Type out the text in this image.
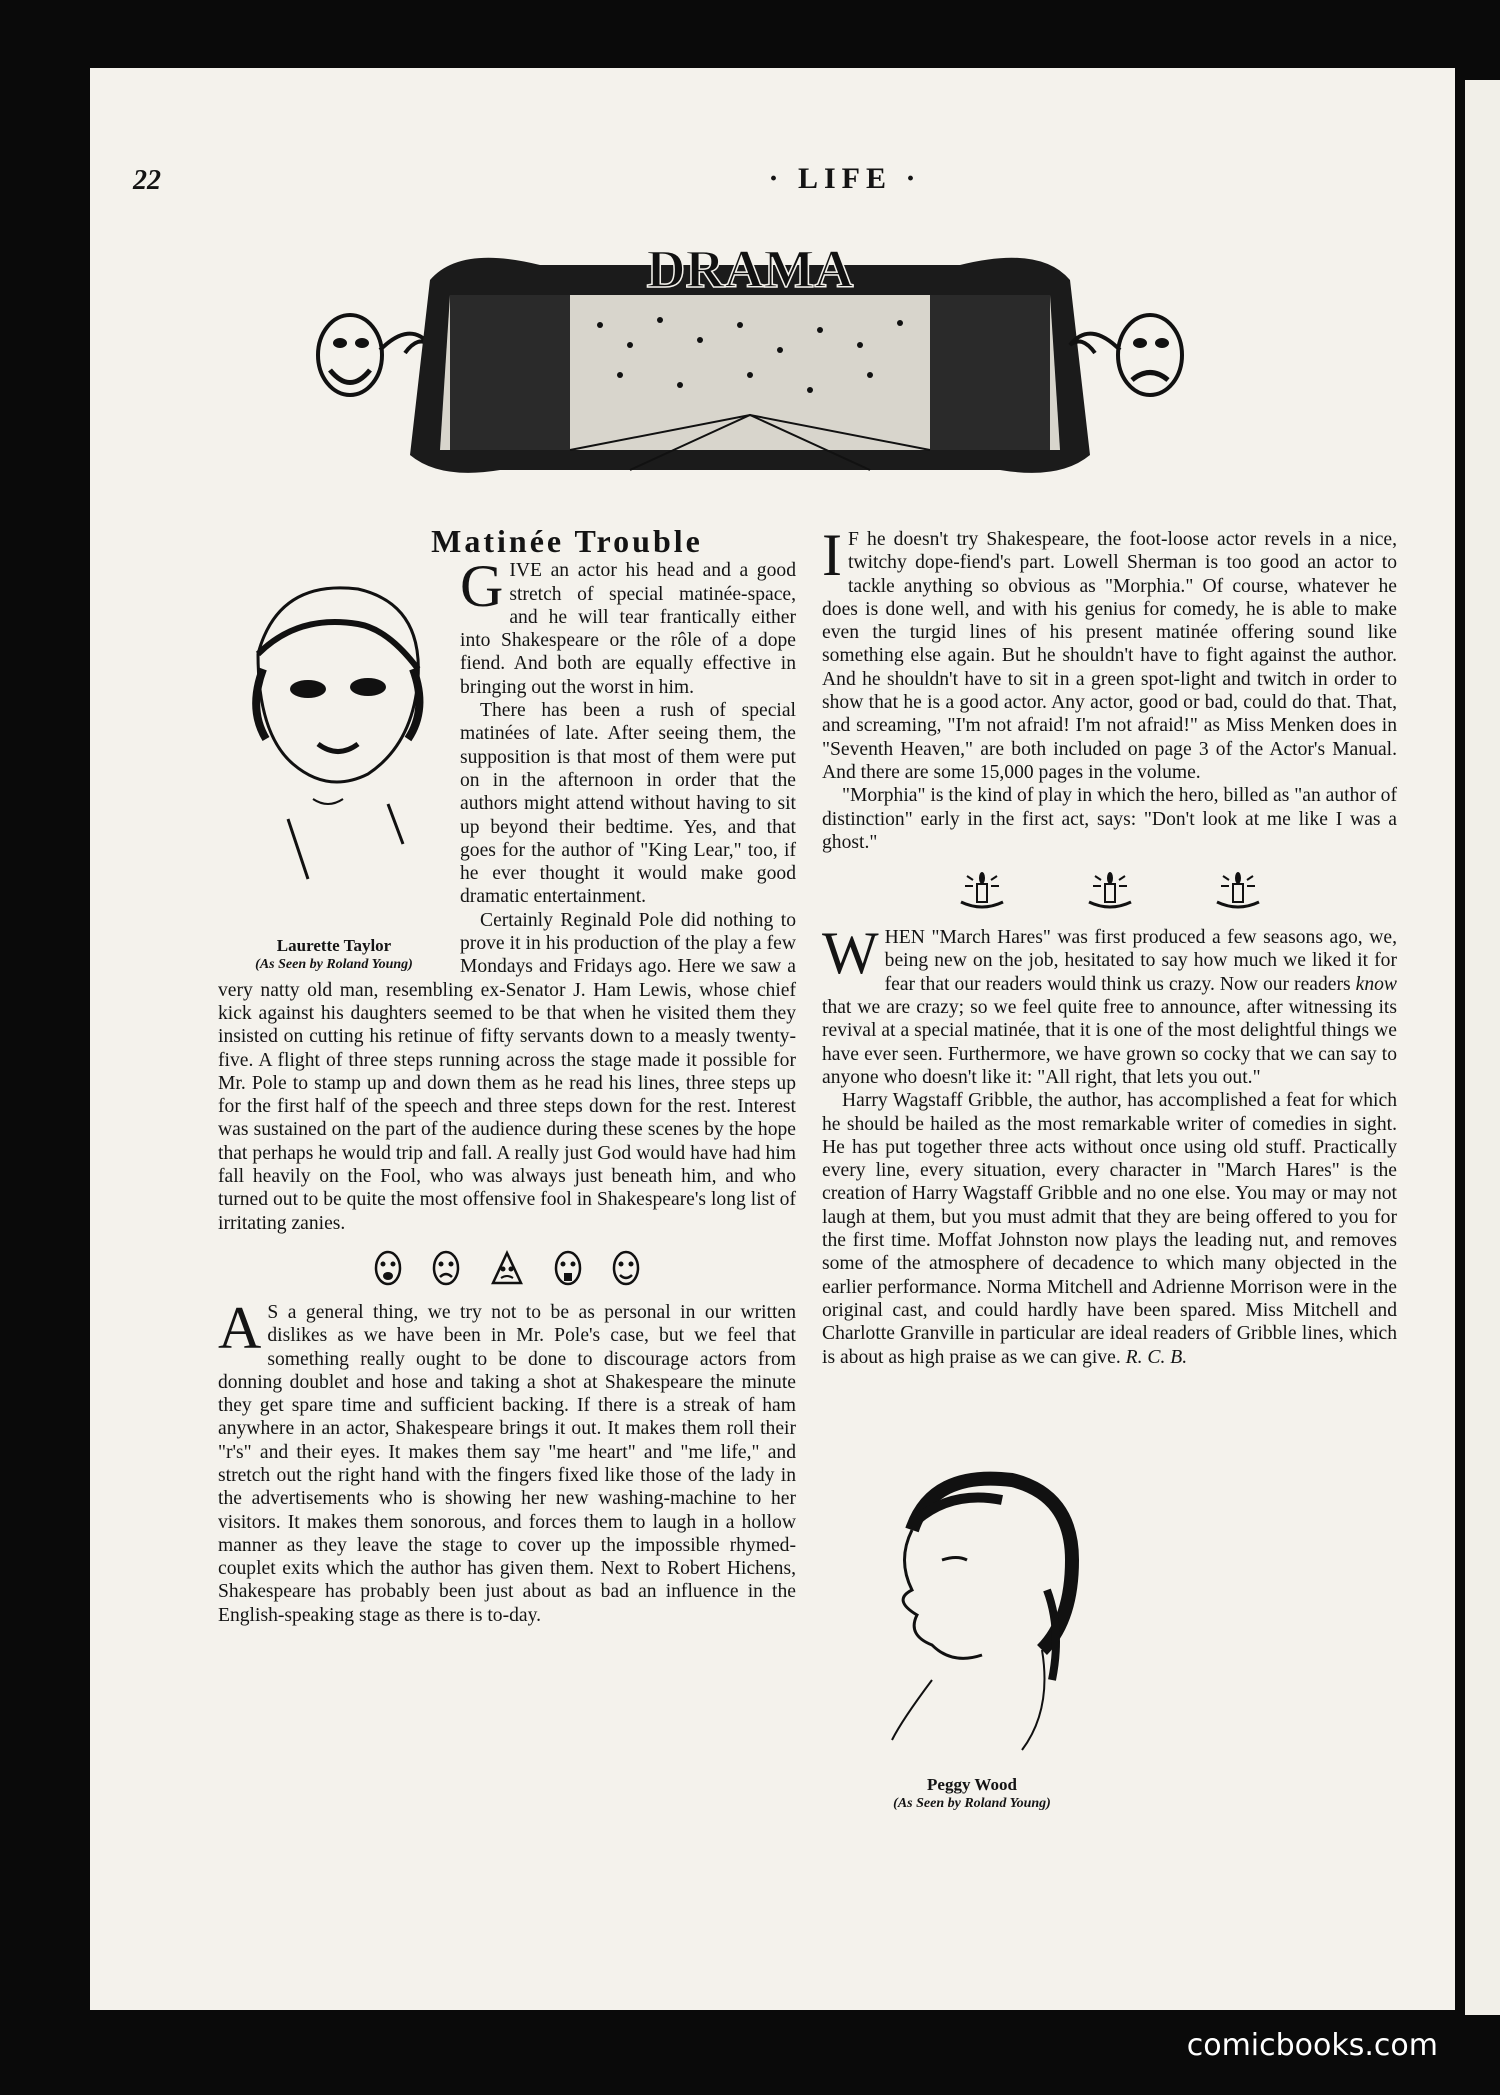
22	· LIFE ·
DRAMA
Matinée Trouble
Laurette Taylor
(As Seen by Roland Young)

GIVE an actor his head and a good stretch of special matinée-space, and he will tear frantically either into Shakespeare or the rôle of a dope fiend. And both are equally effective in bringing out the worst in him.

There has been a rush of special matinées of late. After seeing them, the supposition is that most of them were put on in the afternoon in order that the authors might attend without having to sit up beyond their bedtime. Yes, and that goes for the author of "King Lear," too, if he ever thought it would make good dramatic entertainment.

Certainly Reginald Pole did nothing to prove it in his production of the play a few Mondays and Fridays ago. Here we saw a very natty old man, resembling ex-Senator J. Ham Lewis, whose chief kick against his daughters seemed to be that when he visited them they insisted on cutting his retinue of fifty servants down to a measly twenty-five. A flight of three steps running across the stage made it possible for Mr. Pole to stamp up and down them as he read his lines, three steps up for the first half of the speech and three steps down for the rest. Interest was sustained on the part of the audience during these scenes by the hope that perhaps he would trip and fall. A really just God would have had him fall heavily on the Fool, who was always just beneath him, and who turned out to be quite the most offensive fool in Shakespeare's long list of irritating zanies.

A S a general thing, we try not to be as personal in our written dislikes as we have been in Mr. Pole's case, but we feel that something really ought to be done to discourage actors from donning doublet and hose and taking a shot at Shakespeare the minute they get spare time and sufficient backing. If there is a streak of ham anywhere in an actor, Shakespeare brings it out. It makes them roll their "r's" and their eyes. It makes them say "me heart" and "me life," and stretch out the right hand with the fingers fixed like those of the lady in the advertisements who is showing her new washing-machine to her visitors. It makes them sonorous, and forces them to laugh in a hollow manner as they leave the stage to cover up the impossible rhymed-couplet exits which the author has given them. Next to Robert Hichens, Shakespeare has probably been just about as bad an influence in the English-speaking stage as there is to-day.

I F he doesn't try Shakespeare, the foot-loose actor revels in a nice, twitchy dope-fiend's part. Lowell Sherman is too good an actor to tackle anything so obvious as "Morphia." Of course, whatever he does is done well, and with his genius for comedy, he is able to make even the turgid lines of his present matinée offering sound like something else again. But he shouldn't have to fight against the author. And he shouldn't have to sit in a green spot-light and twitch in order to show that he is a good actor. Any actor, good or bad, could do that. That, and screaming, "I'm not afraid! I'm not afraid!" as Miss Menken does in "Seventh Heaven," are both included on page 3 of the Actor's Manual. And there are some 15,000 pages in the volume.

"Morphia" is the kind of play in which the hero, billed as "an author of distinction" early in the first act, says: "Don't look at me like I was a ghost."

WHEN "March Hares" was first produced a few seasons ago, we, being new on the job, hesitated to say how much we liked it for fear that our readers would think us crazy. Now our readers know that we are crazy; so we feel quite free to announce, after witnessing its revival at a special matinée, that it is one of the most delightful things we have ever seen. Furthermore, we have grown so cocky that we can say to anyone who doesn't like it: "All right, that lets you out."

Harry Wagstaff Gribble, the author, has accomplished a feat for which he should be hailed as the most remarkable writer of comedies in sight. He has put together three acts without once using old stuff. Practically every line, every situation, every character in "March Hares" is the creation of Harry Wagstaff Gribble and no one else. You may or may not laugh at them, but you must admit that they are being offered to you for the first time. Moffat Johnston now plays the leading nut, and removes some of the atmosphere of decadence to which many objected in the earlier performance. Norma Mitchell and Adrienne Morrison were in the original cast, and could hardly have been spared. Miss Mitchell and Charlotte Granville in particular are ideal readers of Gribble lines, which is about as high praise as we can give. R. C. B.

Peggy Wood
(As Seen by Roland Young)
comicbooks.com
